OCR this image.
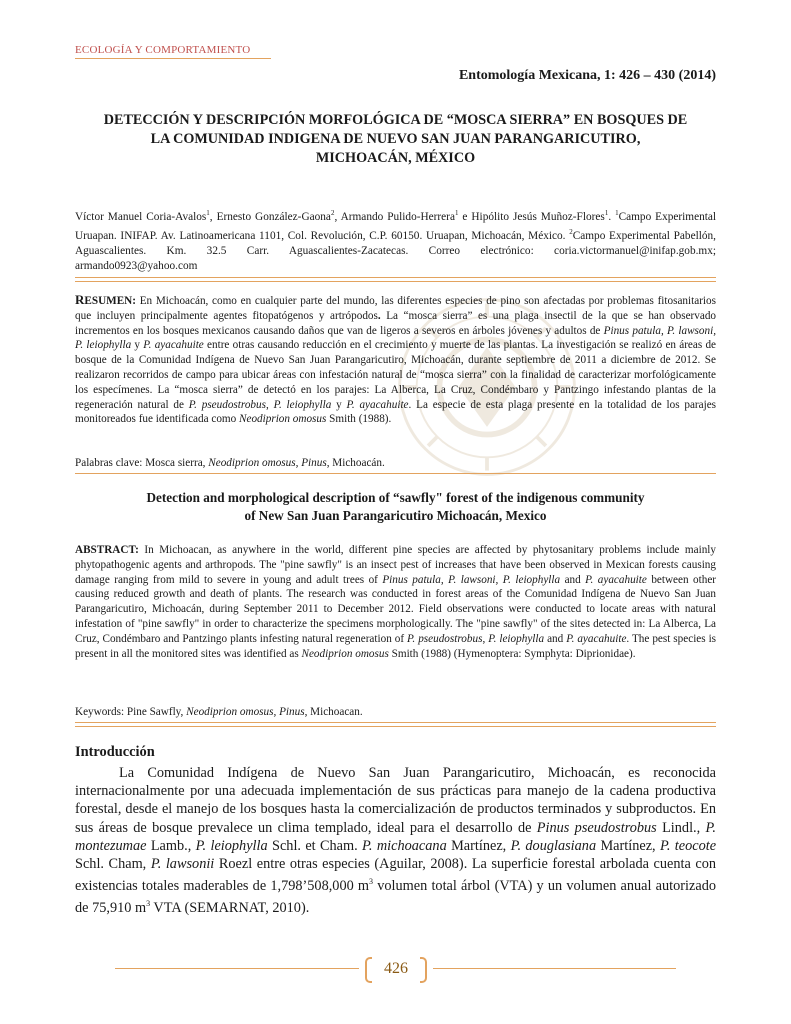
ECOLOGÍA Y COMPORTAMIENTO
Entomología Mexicana, 1: 426 – 430 (2014)
DETECCIÓN Y DESCRIPCIÓN MORFOLÓGICA DE “MOSCA SIERRA” EN BOSQUES DE
LA COMUNIDAD INDIGENA DE NUEVO SAN JUAN PARANGARICUTIRO,
MICHOACÁN, MÉXICO
Víctor Manuel Coria-Avalos$^1$, Ernesto González-Gaona$^2$, Armando Pulido-Herrera$^1$ e Hipólito Jesús Muñoz-Flores$^1$. $^1$Campo Experimental Uruapan. INIFAP. Av. Latinoamericana 1101, Col. Revolución, C.P. 60150. Uruapan, Michoacán, México. $^2$Campo Experimental Pabellón, Aguascalientes. Km. 32.5 Carr. Aguascalientes-Zacatecas. Correo electrónico: coria.victormanuel@inifap.gob.mx; armando0923@yahoo.com
RESUMEN: En Michoacán, como en cualquier parte del mundo, las diferentes especies de pino son afectadas por problemas fitosanitarios que incluyen principalmente agentes fitopatógenos y artrópodos. La “mosca sierra” es una plaga insectil de la que se han observado incrementos en los bosques mexicanos causando daños que van de ligeros a severos en árboles jóvenes y adultos de Pinus patula, P. lawsoni, P. leiophylla y P. ayacahuite entre otras causando reducción en el crecimiento y muerte de las plantas. La investigación se realizó en áreas de bosque de la Comunidad Indígena de Nuevo San Juan Parangaricutiro, Michoacán, durante septiembre de 2011 a diciembre de 2012. Se realizaron recorridos de campo para ubicar áreas con infestación natural de “mosca sierra” con la finalidad de caracterizar morfológicamente los especímenes. La “mosca sierra” de detectó en los parajes: La Alberca, La Cruz, Condémbaro y Pantzingo infestando plantas de la regeneración natural de P. pseudostrobus, P. leiophylla y P. ayacahuite. La especie de esta plaga presente en la totalidad de los parajes monitoreados fue identificada como Neodiprion omosus Smith (1988).
Palabras clave: Mosca sierra, Neodiprion omosus, Pinus, Michoacán.
Detection and morphological description of “sawfly" forest of the indigenous community
of New San Juan Parangaricutiro Michoacán, Mexico
ABSTRACT: In Michoacan, as anywhere in the world, different pine species are affected by phytosanitary problems include mainly phytopathogenic agents and arthropods. The "pine sawfly" is an insect pest of increases that have been observed in Mexican forests causing damage ranging from mild to severe in young and adult trees of Pinus patula, P. lawsoni, P. leiophylla and P. ayacahuite between other causing reduced growth and death of plants. The research was conducted in forest areas of the Comunidad Indígena de Nuevo San Juan Parangaricutiro, Michoacán, during September 2011 to December 2012. Field observations were conducted to locate areas with natural infestation of "pine sawfly" in order to characterize the specimens morphologically. The "pine sawfly" of the sites detected in: La Alberca, La Cruz, Condémbaro and Pantzingo plants infesting natural regeneration of P. pseudostrobus, P. leiophylla and P. ayacahuite. The pest species is present in all the monitored sites was identified as Neodiprion omosus Smith (1988) (Hymenoptera: Symphyta: Diprionidae).
Keywords: Pine Sawfly, Neodiprion omosus, Pinus, Michoacan.
Introducción
La Comunidad Indígena de Nuevo San Juan Parangaricutiro, Michoacán, es reconocida internacionalmente por una adecuada implementación de sus prácticas para manejo de la cadena productiva forestal, desde el manejo de los bosques hasta la comercialización de productos terminados y subproductos. En sus áreas de bosque prevalece un clima templado, ideal para el desarrollo de Pinus pseudostrobus Lindl., P. montezumae Lamb., P. leiophylla Schl. et Cham. P. michoacana Martínez, P. douglasiana Martínez, P. teocote Schl. Cham, P. lawsonii Roezl entre otras especies (Aguilar, 2008). La superficie forestal arbolada cuenta con existencias totales maderables de 1,798’508,000 $m^3$ volumen total árbol (VTA) y un volumen anual autorizado de 75,910 $m^3$ VTA (SEMARNAT, 2010).
426
